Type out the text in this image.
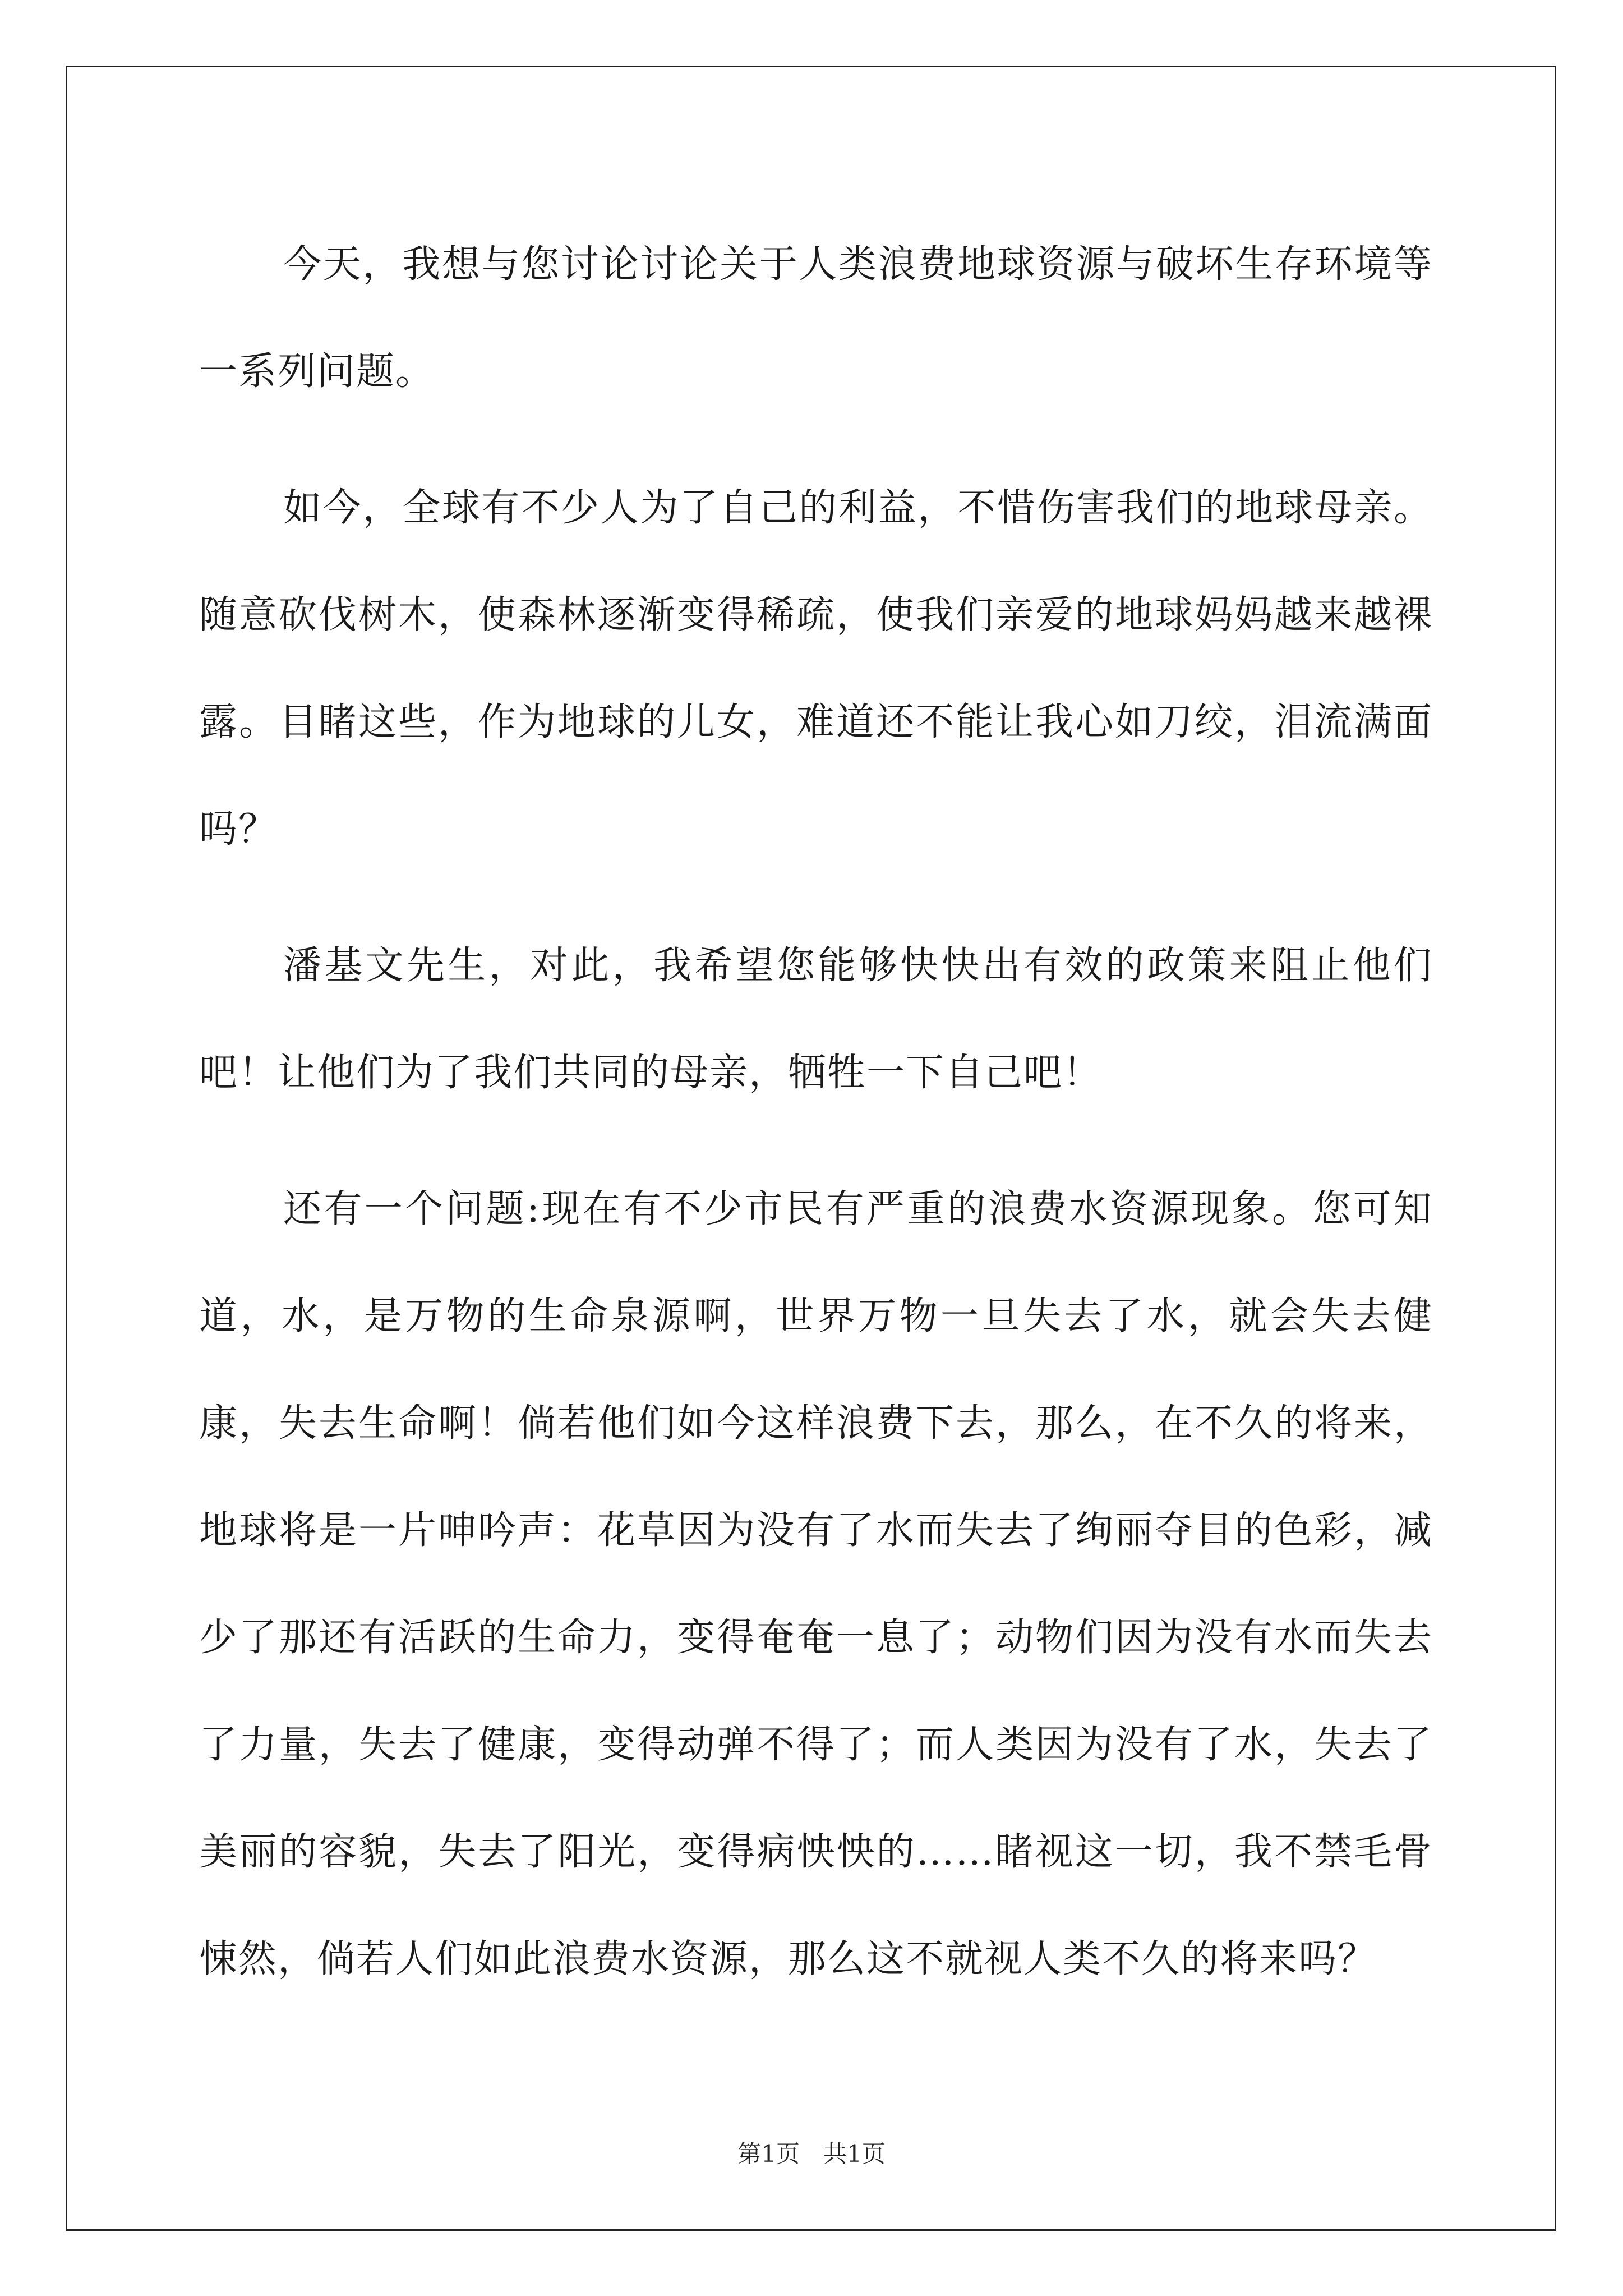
今天，我想与您讨论讨论关于人类浪费地球资源与破坏生存环境等一系列问题。

如今，全球有不少人为了自己的利益，不惜伤害我们的地球母亲。随意砍伐树木，使森林逐渐变得稀疏，使我们亲爱的地球妈妈越来越裸露。目睹这些，作为地球的儿女，难道还不能让我心如刀绞，泪流满面吗？

潘基文先生，对此，我希望您能够快快出有效的政策来阻止他们吧！让他们为了我们共同的母亲，牺牲一下自己吧！

还有一个问题:现在有不少市民有严重的浪费水资源现象。您可知道，水，是万物的生命泉源啊，世界万物一旦失去了水，就会失去健康，失去生命啊！倘若他们如今这样浪费下去，那么，在不久的将来，地球将是一片呻吟声：花草因为没有了水而失去了绚丽夺目的色彩，减少了那还有活跃的生命力，变得奄奄一息了；动物们因为没有水而失去了力量，失去了健康，变得动弹不得了；而人类因为没有了水，失去了美丽的容貌，失去了阳光，变得病怏怏的……睹视这一切，我不禁毛骨悚然，倘若人们如此浪费水资源，那么这不就视人类不久的将来吗？

第1页　共1页
